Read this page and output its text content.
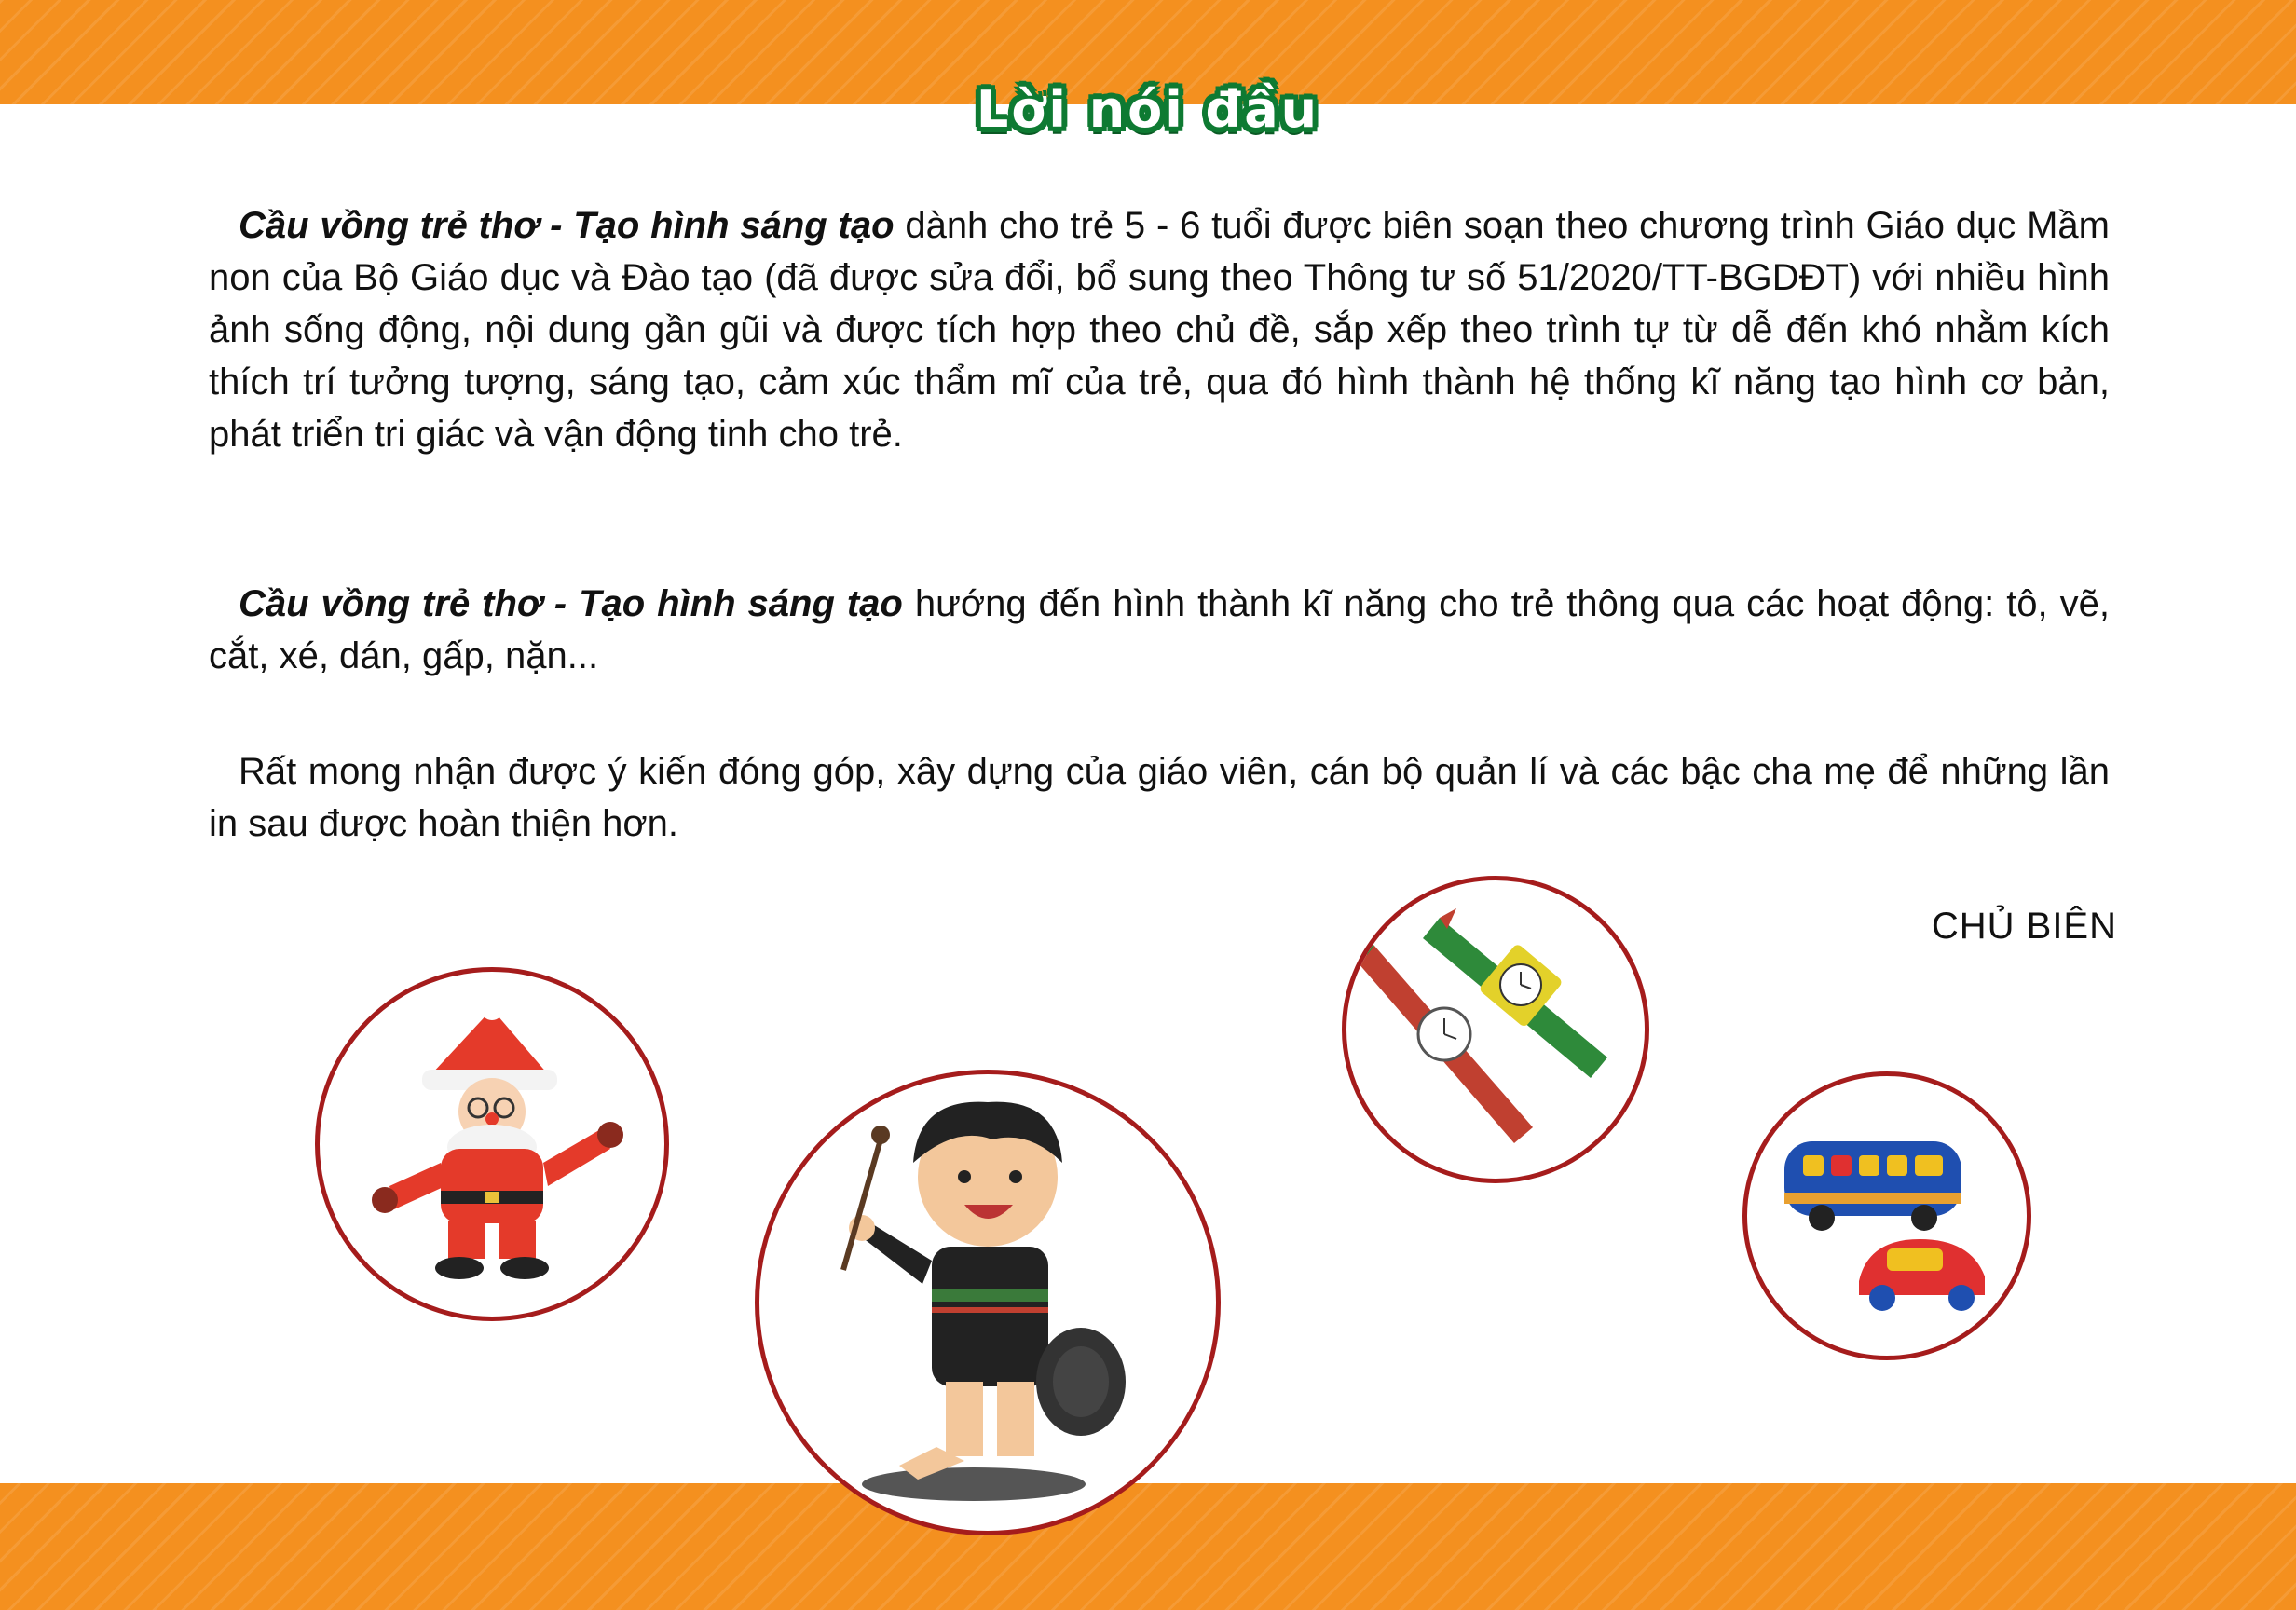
Lời nói đầu

Cầu vồng trẻ thơ - Tạo hình sáng tạo dành cho trẻ 5 - 6 tuổi được biên soạn theo chương trình Giáo dục Mầm non của Bộ Giáo dục và Đào tạo (đã được sửa đổi, bổ sung theo Thông tư số 51/2020/TT-BGDĐT) với nhiều hình ảnh sống động, nội dung gần gũi và được tích hợp theo chủ đề, sắp xếp theo trình tự từ dễ đến khó nhằm kích thích trí tưởng tượng, sáng tạo, cảm xúc thẩm mĩ của trẻ, qua đó hình thành hệ thống kĩ năng tạo hình cơ bản, phát triển tri giác và vận động tinh cho trẻ.

Cầu vồng trẻ thơ - Tạo hình sáng tạo hướng đến hình thành kĩ năng cho trẻ thông qua các hoạt động: tô, vẽ, cắt, xé, dán, gấp, nặn...

Rất mong nhận được ý kiến đóng góp, xây dựng của giáo viên, cán bộ quản lí và các bậc cha mẹ để những lần in sau được hoàn thiện hơn.

CHỦ BIÊN
